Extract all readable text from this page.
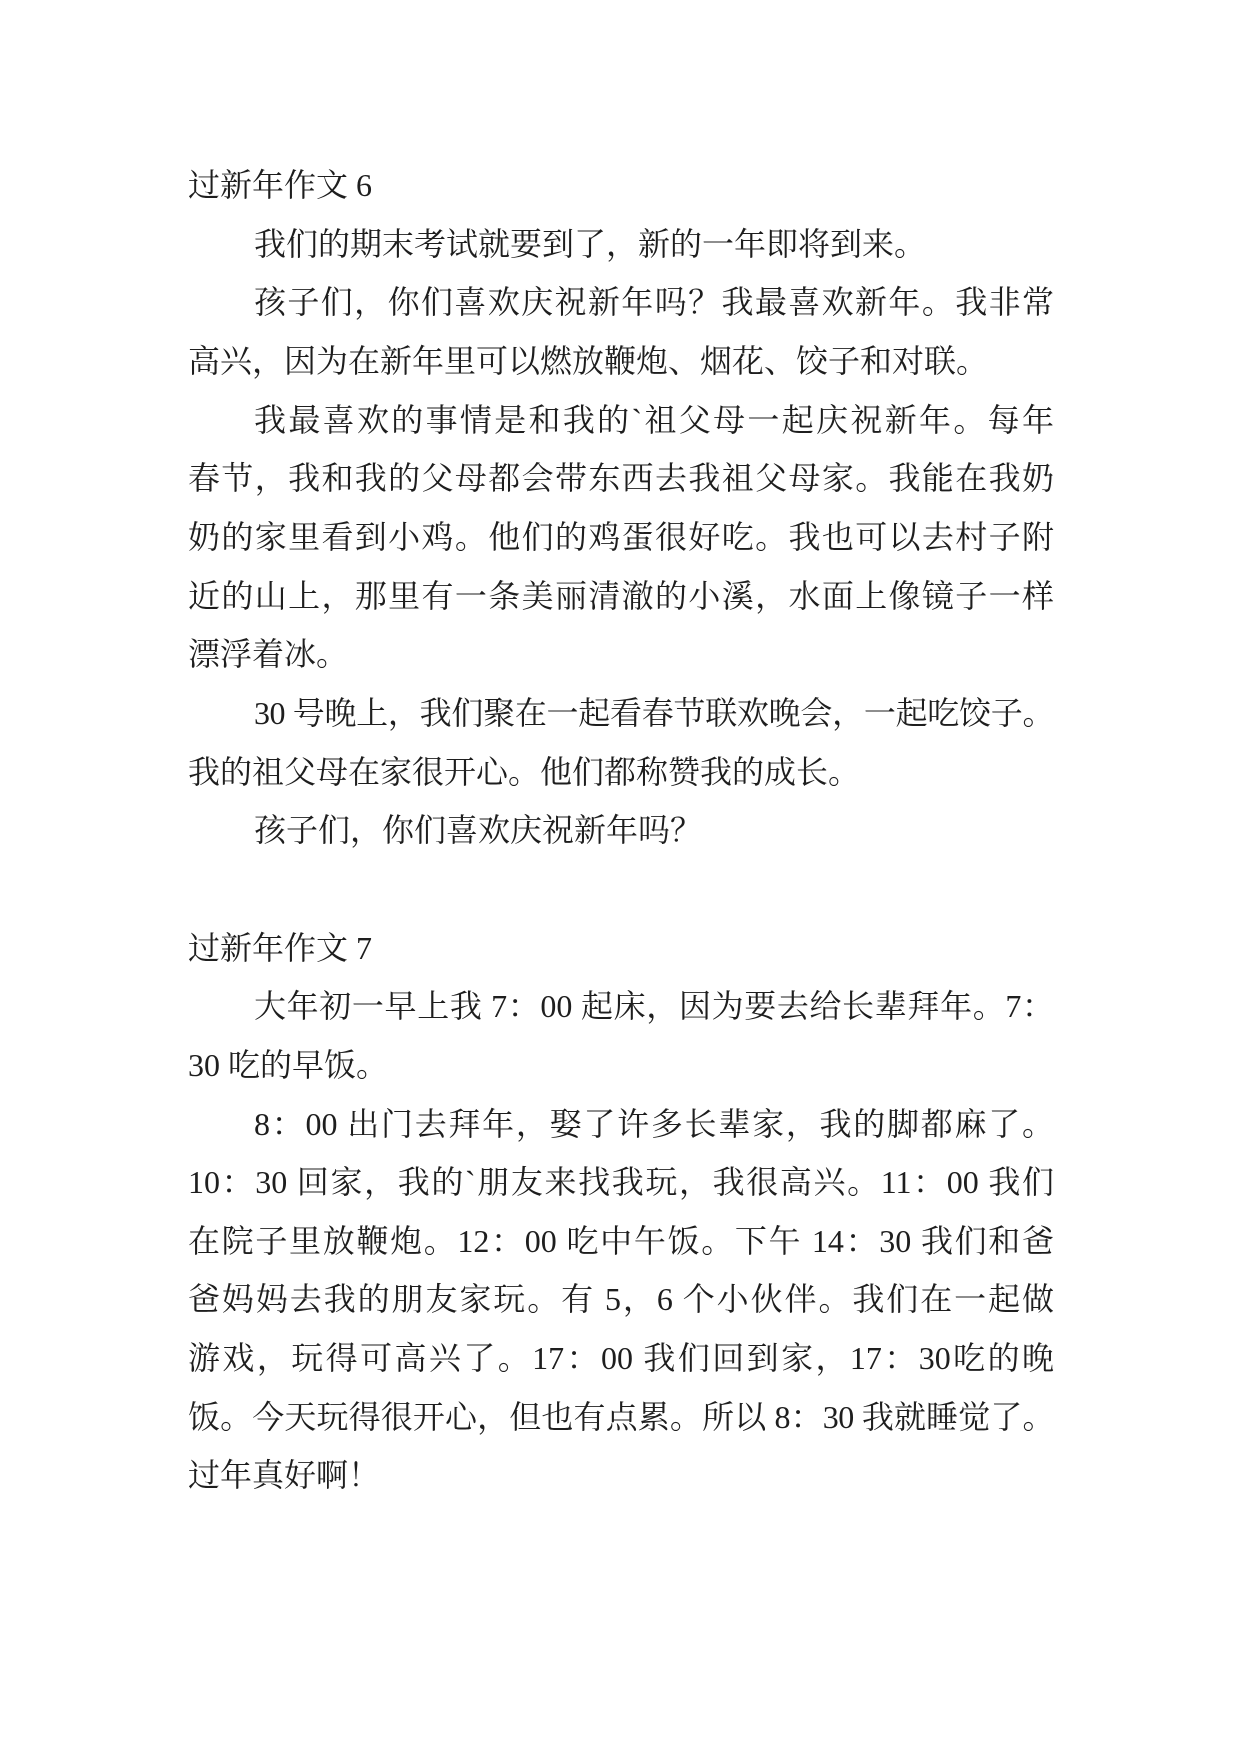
过新年作文 6
我们的期末考试就要到了，新的一年即将到来。
孩子们，你们喜欢庆祝新年吗？我最喜欢新年。我非常
高兴，因为在新年里可以燃放鞭炮、烟花、饺子和对联。
我最喜欢的事情是和我的`祖父母一起庆祝新年。每年
春节，我和我的父母都会带东西去我祖父母家。我能在我奶
奶的家里看到小鸡。他们的鸡蛋很好吃。我也可以去村子附
近的山上，那里有一条美丽清澈的小溪，水面上像镜子一样
漂浮着冰。
30 号晚上，我们聚在一起看春节联欢晚会，一起吃饺子。
我的祖父母在家很开心。他们都称赞我的成长。
孩子们，你们喜欢庆祝新年吗？
过新年作文 7
大年初一早上我 7：00 起床，因为要去给长辈拜年。7：
30 吃的早饭。
8：00 出门去拜年，娶了许多长辈家，我的脚都麻了。
10：30 回家，我的`朋友来找我玩，我很高兴。11：00 我们
在院子里放鞭炮。12：00 吃中午饭。下午 14：30 我们和爸
爸妈妈去我的朋友家玩。有 5，6 个小伙伴。我们在一起做
游戏，玩得可高兴了。17：00 我们回到家，17：30吃的晚
饭。今天玩得很开心，但也有点累。所以 8：30 我就睡觉了。
过年真好啊！
